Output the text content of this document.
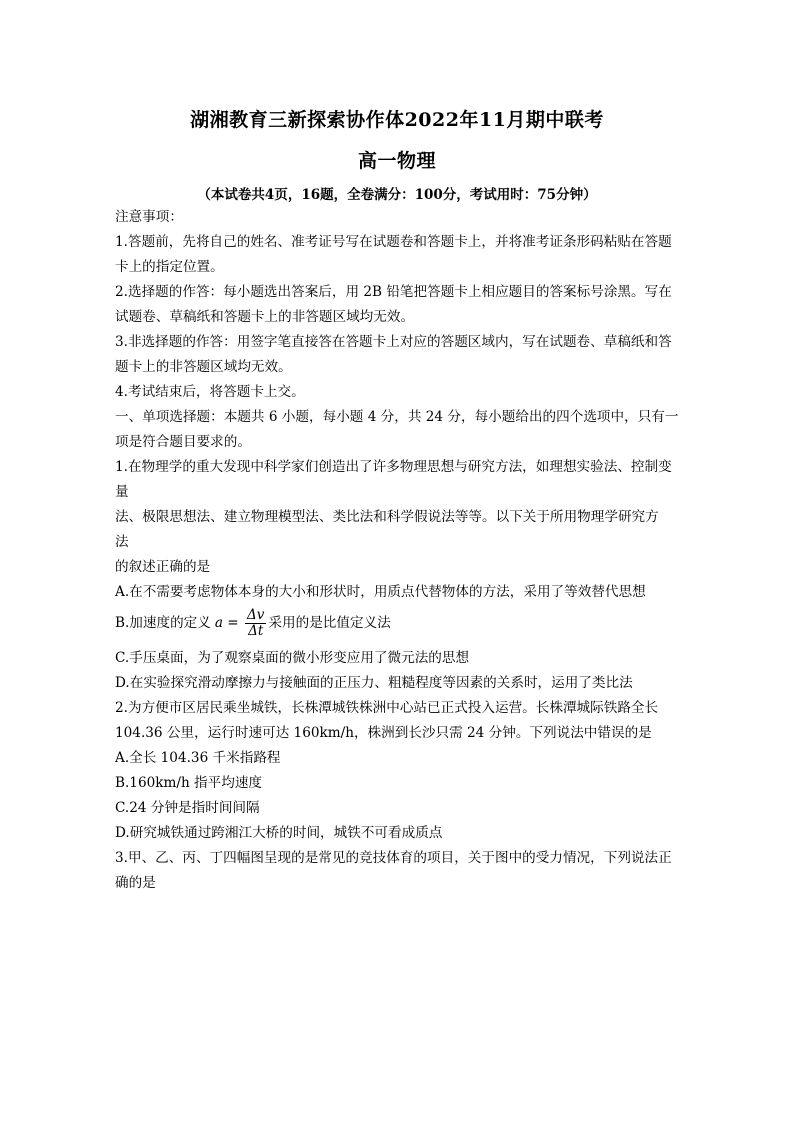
湖湘教育三新探索协作体2022年11月期中联考
高一物理
（本试卷共4页，16题，全卷满分：100分，考试用时：75分钟）
注意事项：
1.答题前，先将自己的姓名、准考证号写在试题卷和答题卡上，并将准考证条形码粘贴在答题
卡上的指定位置。
2.选择题的作答：每小题选出答案后，用 2B 铅笔把答题卡上相应题目的答案标号涂黑。写在
试题卷、草稿纸和答题卡上的非答题区域均无效。
3.非选择题的作答：用签字笔直接答在答题卡上对应的答题区域内，写在试题卷、草稿纸和答
题卡上的非答题区域均无效。
4.考试结束后，将答题卡上交。
一、单项选择题：本题共 6 小题，每小题 4 分，共 24 分，每小题给出的四个选项中，只有一
项是符合题目要求的。
1.在物理学的重大发现中科学家们创造出了许多物理思想与研究方法，如理想实验法、控制变
量
法、极限思想法、建立物理模型法、类比法和科学假说法等等。以下关于所用物理学研究方
法
的叙述正确的是
A.在不需要考虑物体本身的大小和形状时，用质点代替物体的方法，采用了等效替代思想
B.加速度的定义 $a = \frac{\Delta v}{\Delta t}$ 采用的是比值定义法
C.手压桌面，为了观察桌面的微小形变应用了微元法的思想
D.在实验探究滑动摩擦力与接触面的正压力、粗糙程度等因素的关系时，运用了类比法
2.为方便市区居民乘坐城铁，长株潭城铁株洲中心站已正式投入运营。长株潭城际铁路全长
104.36 公里，运行时速可达 160km/h，株洲到长沙只需 24 分钟。下列说法中错误的是
A.全长 104.36 千米指路程
B.160km/h 指平均速度
C.24 分钟是指时间间隔
D.研究城铁通过跨湘江大桥的时间，城铁不可看成质点
3.甲、乙、丙、丁四幅图呈现的是常见的竞技体育的项目，关于图中的受力情况，下列说法正
确的是
